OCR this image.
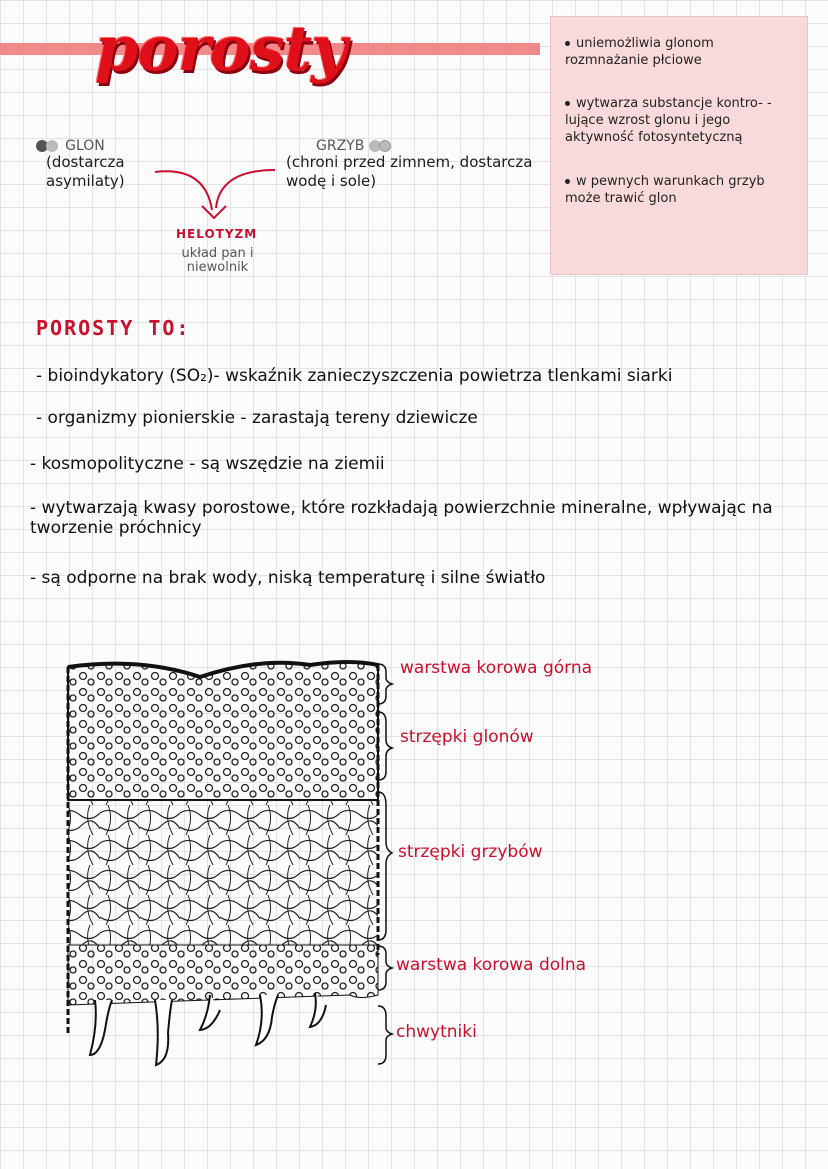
porosty	uniemożliwia glonom rozmnażanie płciowe
wytwarza substancje kontro- -lujące wzrost glonu i jego aktywność fotosyntetyczną
w pewnych warunkach grzyb może trawić glon
GLON
(dostarcza asymilaty)
GRZYB
(chroni przed zimnem, dostarcza wodę i sole)
HELOTYZM
układ pan i niewolnik
POROSTY TO:
- bioindykatory (SO₂)- wskaźnik zanieczyszczenia powietrza tlenkami siarki
- organizmy pionierskie - zarastają tereny dziewicze
- kosmopolityczne - są wszędzie na ziemii
- wytwarzają kwasy porostowe, które rozkładają powierzchnie mineralne, wpływając na tworzenie próchnicy
- są odporne na brak wody, niską temperaturę i silne światło
warstwa korowa górna
strzępki glonów
strzępki grzybów
warstwa korowa dolna
chwytniki
